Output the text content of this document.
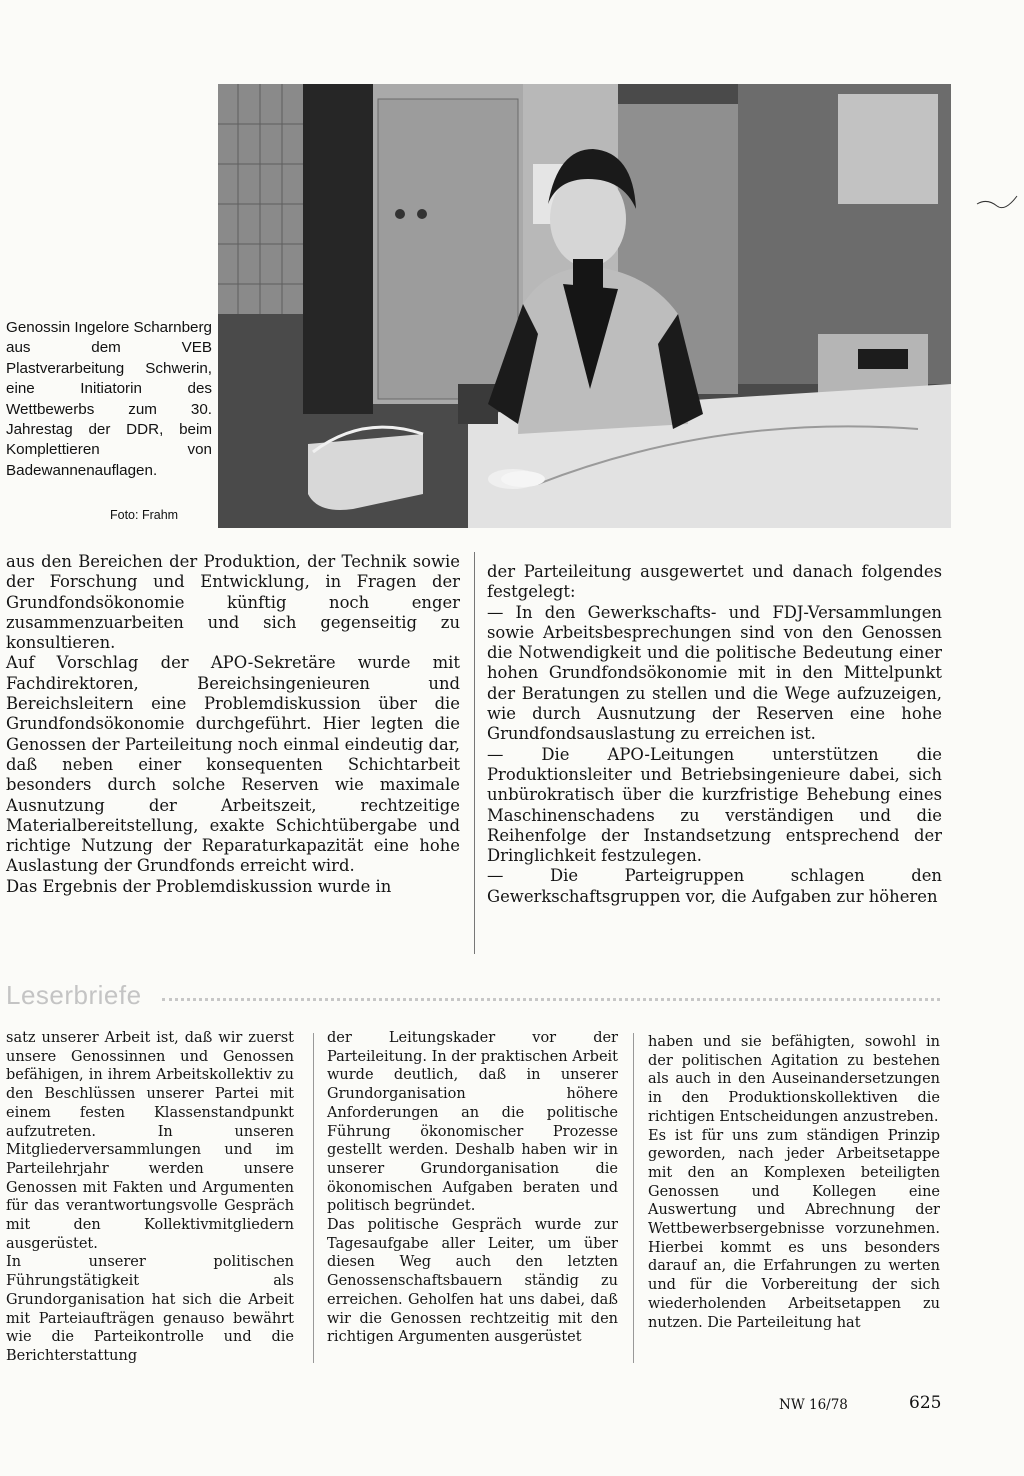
Genossin Ingelore Scharnberg aus dem VEB Plastverarbeitung Schwerin, eine Initiatorin des Wettbewerbs zum 30. Jahrestag der DDR, beim Komplettieren von Badewannenauflagen.

Foto: Frahm

aus den Bereichen der Produktion, der Technik sowie der Forschung und Entwicklung, in Fragen der Grundfondsökonomie künftig noch enger zusammenzuarbeiten und sich gegenseitig zu konsultieren.

Auf Vorschlag der APO-Sekretäre wurde mit Fachdirektoren, Bereichsingenieuren und Bereichsleitern eine Problemdiskussion über die Grundfondsökonomie durchgeführt. Hier legten die Genossen der Parteileitung noch einmal eindeutig dar, daß neben einer konsequenten Schichtarbeit besonders durch solche Reserven wie maximale Ausnutzung der Arbeitszeit, rechtzeitige Materialbereitstellung, exakte Schichtübergabe und richtige Nutzung der Reparaturkapazität eine hohe Auslastung der Grundfonds erreicht wird.

Das Ergebnis der Problemdiskussion wurde in

der Parteileitung ausgewertet und danach folgendes festgelegt:

— In den Gewerkschafts- und FDJ-Versammlungen sowie Arbeitsbesprechungen sind von den Genossen die Notwendigkeit und die politische Bedeutung einer hohen Grundfondsökonomie mit in den Mittelpunkt der Beratungen zu stellen und die Wege aufzuzeigen, wie durch Ausnutzung der Reserven eine hohe Grundfondsauslastung zu erreichen ist.

— Die APO-Leitungen unterstützen die Produktionsleiter und Betriebsingenieure dabei, sich unbürokratisch über die kurzfristige Behebung eines Maschinenschadens zu verständigen und die Reihenfolge der Instandsetzung entsprechend der Dringlichkeit festzulegen.

— Die Parteigruppen schlagen den Gewerkschaftsgruppen vor, die Aufgaben zur höheren

Leserbriefe

satz unserer Arbeit ist, daß wir zuerst unsere Genossinnen und Genossen befähigen, in ihrem Arbeitskollektiv zu den Beschlüssen unserer Partei mit einem festen Klassenstandpunkt aufzutreten. In unseren Mitgliederversammlungen und im Parteilehrjahr werden unsere Genossen mit Fakten und Argumenten für das verantwortungsvolle Gespräch mit den Kollektivmitgliedern ausgerüstet.

In unserer politischen Führungstätigkeit als Grundorganisation hat sich die Arbeit mit Parteiaufträgen genauso bewährt wie die Parteikontrolle und die Berichterstattung

der Leitungskader vor der Parteileitung. In der praktischen Arbeit wurde deutlich, daß in unserer Grundorganisation höhere Anforderungen an die politische Führung ökonomischer Prozesse gestellt werden. Deshalb haben wir in unserer Grundorganisation die ökonomischen Aufgaben beraten und politisch begründet.

Das politische Gespräch wurde zur Tagesaufgabe aller Leiter, um über diesen Weg auch den letzten Genossenschaftsbauern ständig zu erreichen. Geholfen hat uns dabei, daß wir die Genossen rechtzeitig mit den richtigen Argumenten ausgerüstet

haben und sie befähigten, sowohl in der politischen Agitation zu bestehen als auch in den Auseinandersetzungen in den Produktionskollektiven die richtigen Entscheidungen anzustreben.

Es ist für uns zum ständigen Prinzip geworden, nach jeder Arbeitsetappe mit den an Komplexen beteiligten Genossen und Kollegen eine Auswertung und Abrechnung der Wettbewerbsergebnisse vorzunehmen. Hierbei kommt es uns besonders darauf an, die Erfahrungen zu werten und für die Vorbereitung der sich wiederholenden Arbeitsetappen zu nutzen. Die Parteileitung hat

NW 16/78	625
